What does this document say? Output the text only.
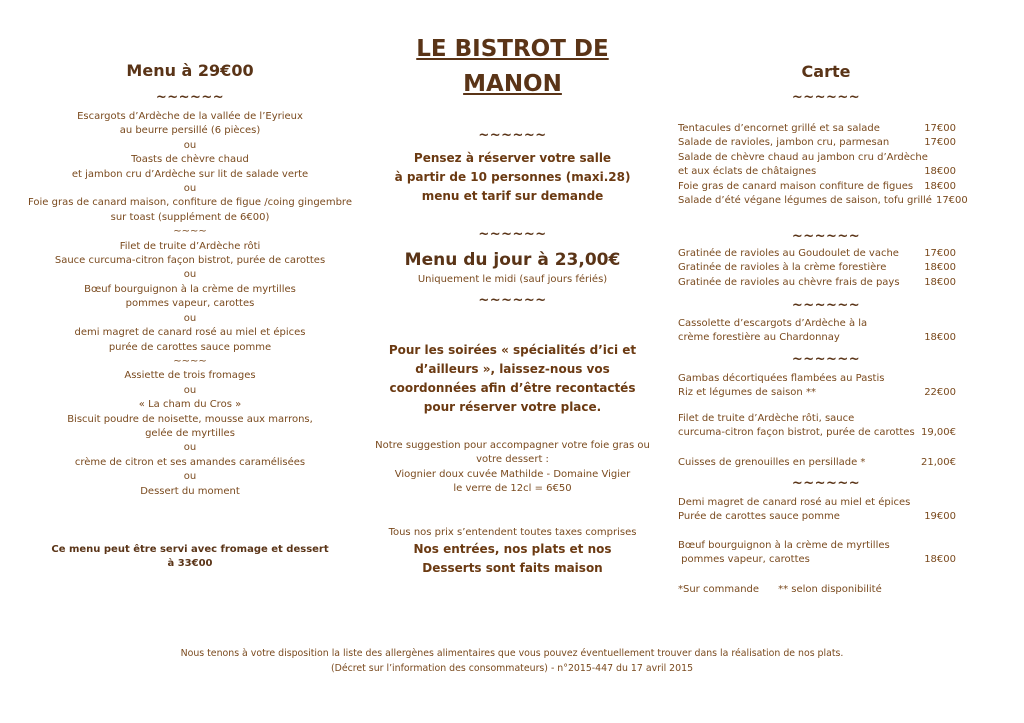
Menu à 29€00
~~~~~~
Escargots d’Ardèche de la vallée de l’Eyrieux
au beurre persillé (6 pièces)
ou
Toasts de chèvre chaud
et jambon cru d’Ardèche sur lit de salade verte
ou
Foie gras de canard maison, confiture de figue /coing gingembre
sur toast (supplément de 6€00)
~~~~
Filet de truite d’Ardèche rôti
Sauce curcuma-citron façon bistrot, purée de carottes
ou
Bœuf bourguignon à la crème de myrtilles
pommes vapeur, carottes
ou
demi magret de canard rosé au miel et épices
purée de carottes sauce pomme
~~~~
Assiette de trois fromages
ou
« La cham du Cros »
Biscuit poudre de noisette, mousse aux marrons,
gelée de myrtilles
ou
crème de citron et ses amandes caramélisées
ou
Dessert du moment
Ce menu peut être servi avec fromage et dessert
à 33€00
LE BISTROT DE
MANON
~~~~~~
Pensez à réserver votre salle
à partir de 10 personnes (maxi.28)
menu et tarif sur demande
~~~~~~
Menu du jour à 23,00€
Uniquement le midi (sauf jours fériés)
~~~~~~
Pour les soirées « spécialités d’ici et
d’ailleurs », laissez-nous vos
coordonnées afin d’être recontactés
pour réserver votre place.
Notre suggestion pour accompagner votre foie gras ou
votre dessert :
Viognier doux cuvée Mathilde - Domaine Vigier
le verre de 12cl = 6€50
Tous nos prix s’entendent toutes taxes comprises
Nos entrées, nos plats et nos
Desserts sont faits maison
Carte
~~~~~~
Tentacules d’encornet grillé et sa salade	17€00
Salade de ravioles, jambon cru, parmesan	17€00
Salade de chèvre chaud au jambon cru d’Ardèche
et aux éclats de châtaignes	18€00
Foie gras de canard maison confiture de figues 18€00
Salade d’été végane légumes de saison, tofu grillé 17€00
~~~~~~
Gratinée de ravioles au Goudoulet de vache	17€00
Gratinée de ravioles à la crème forestière	18€00
Gratinée de ravioles au chèvre frais de pays 18€00
~~~~~~
Cassolette d’escargots d’Ardèche à la
crème forestière au Chardonnay	18€00
~~~~~~
Gambas décortiquées flambées au Pastis
Riz et légumes de saison **	22€00
Filet de truite d’Ardèche rôti, sauce
curcuma-citron façon bistrot, purée de carottes 19,00€
Cuisses de grenouilles en persillade *	21,00€
~~~~~~
Demi magret de canard rosé au miel et épices
Purée de carottes sauce pomme	19€00
Bœuf bourguignon à la crème de myrtilles
pommes vapeur, carottes	18€00
*Sur commande      ** selon disponibilité
Nous tenons à votre disposition la liste des allergènes alimentaires que vous pouvez éventuellement trouver dans la réalisation de nos plats.
(Décret sur l’information des consommateurs) - n°2015-447 du 17 avril 2015
